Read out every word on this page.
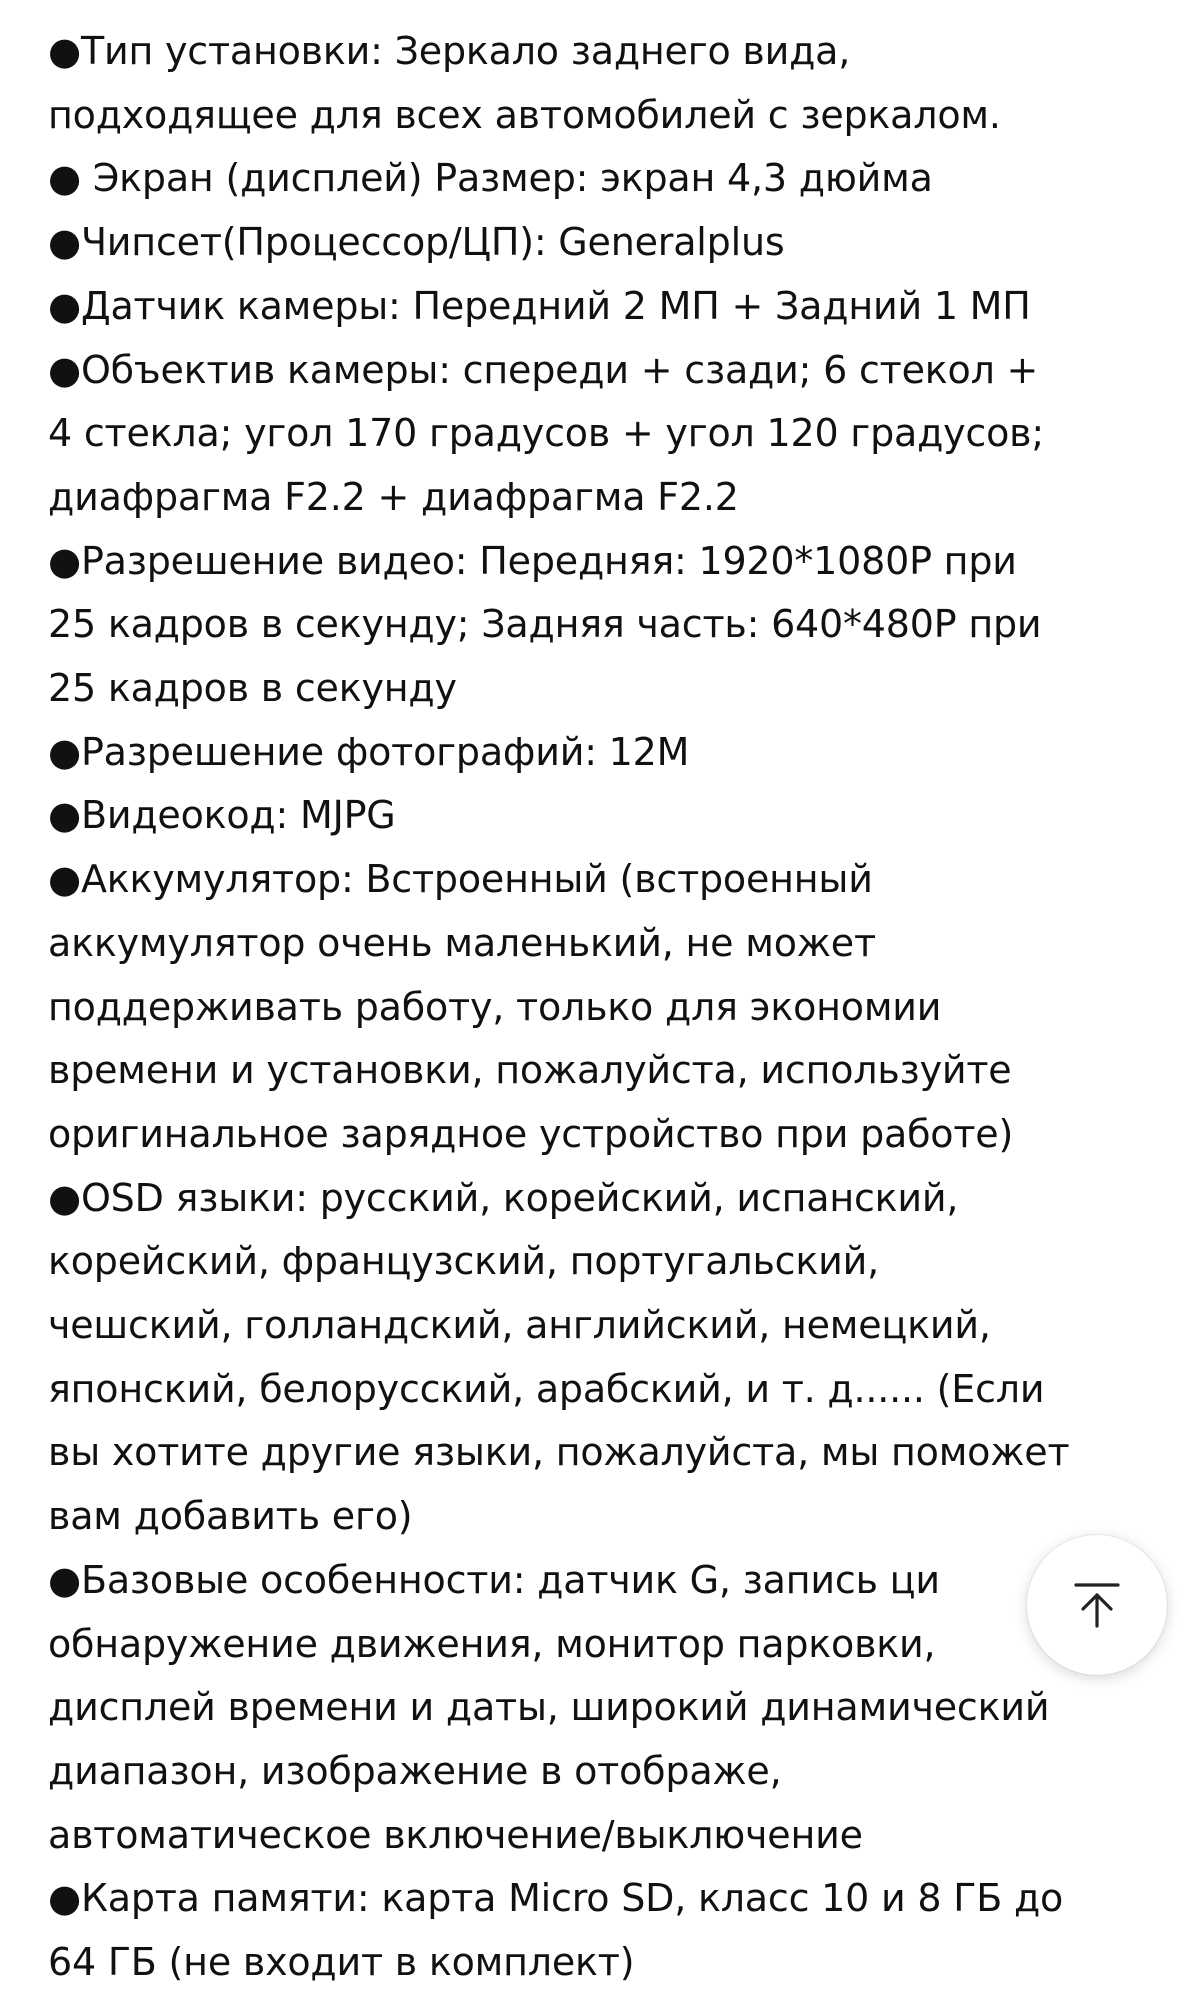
●Тип установки: Зеркало заднего вида,
подходящее для всех автомобилей с зеркалом.
● Экран (дисплей) Размер: экран 4,3 дюйма
●Чипсет(Процессор/ЦП): Generalplus
●Датчик камеры: Передний 2 МП + Задний 1 МП
●Объектив камеры: спереди + сзади; 6 стекол +
4 стекла; угол 170 градусов + угол 120 градусов;
диафрагма F2.2 + диафрагма F2.2
●Разрешение видео: Передняя: 1920*1080P при
25 кадров в секунду; Задняя часть: 640*480P при
25 кадров в секунду
●Разрешение фотографий: 12M
●Видеокод: MJPG
●Аккумулятор: Встроенный (встроенный
аккумулятор очень маленький, не может
поддерживать работу, только для экономии
времени и установки, пожалуйста, используйте
оригинальное зарядное устройство при работе)
●OSD языки: русский, корейский, испанский,
корейский, французский, португальский,
чешский, голландский, английский, немецкий,
японский, белорусский, арабский, и т. д...... (Если
вы хотите другие языки, пожалуйста, мы поможет
вам добавить его)
●Базовые особенности: датчик G, запись ци
обнаружение движения, монитор парковки,
дисплей времени и даты, широкий динамический
диапазон, изображение в отображе,
автоматическое включение/выключение
●Карта памяти: карта Micro SD, класс 10 и 8 ГБ до
64 ГБ (не входит в комплект)
